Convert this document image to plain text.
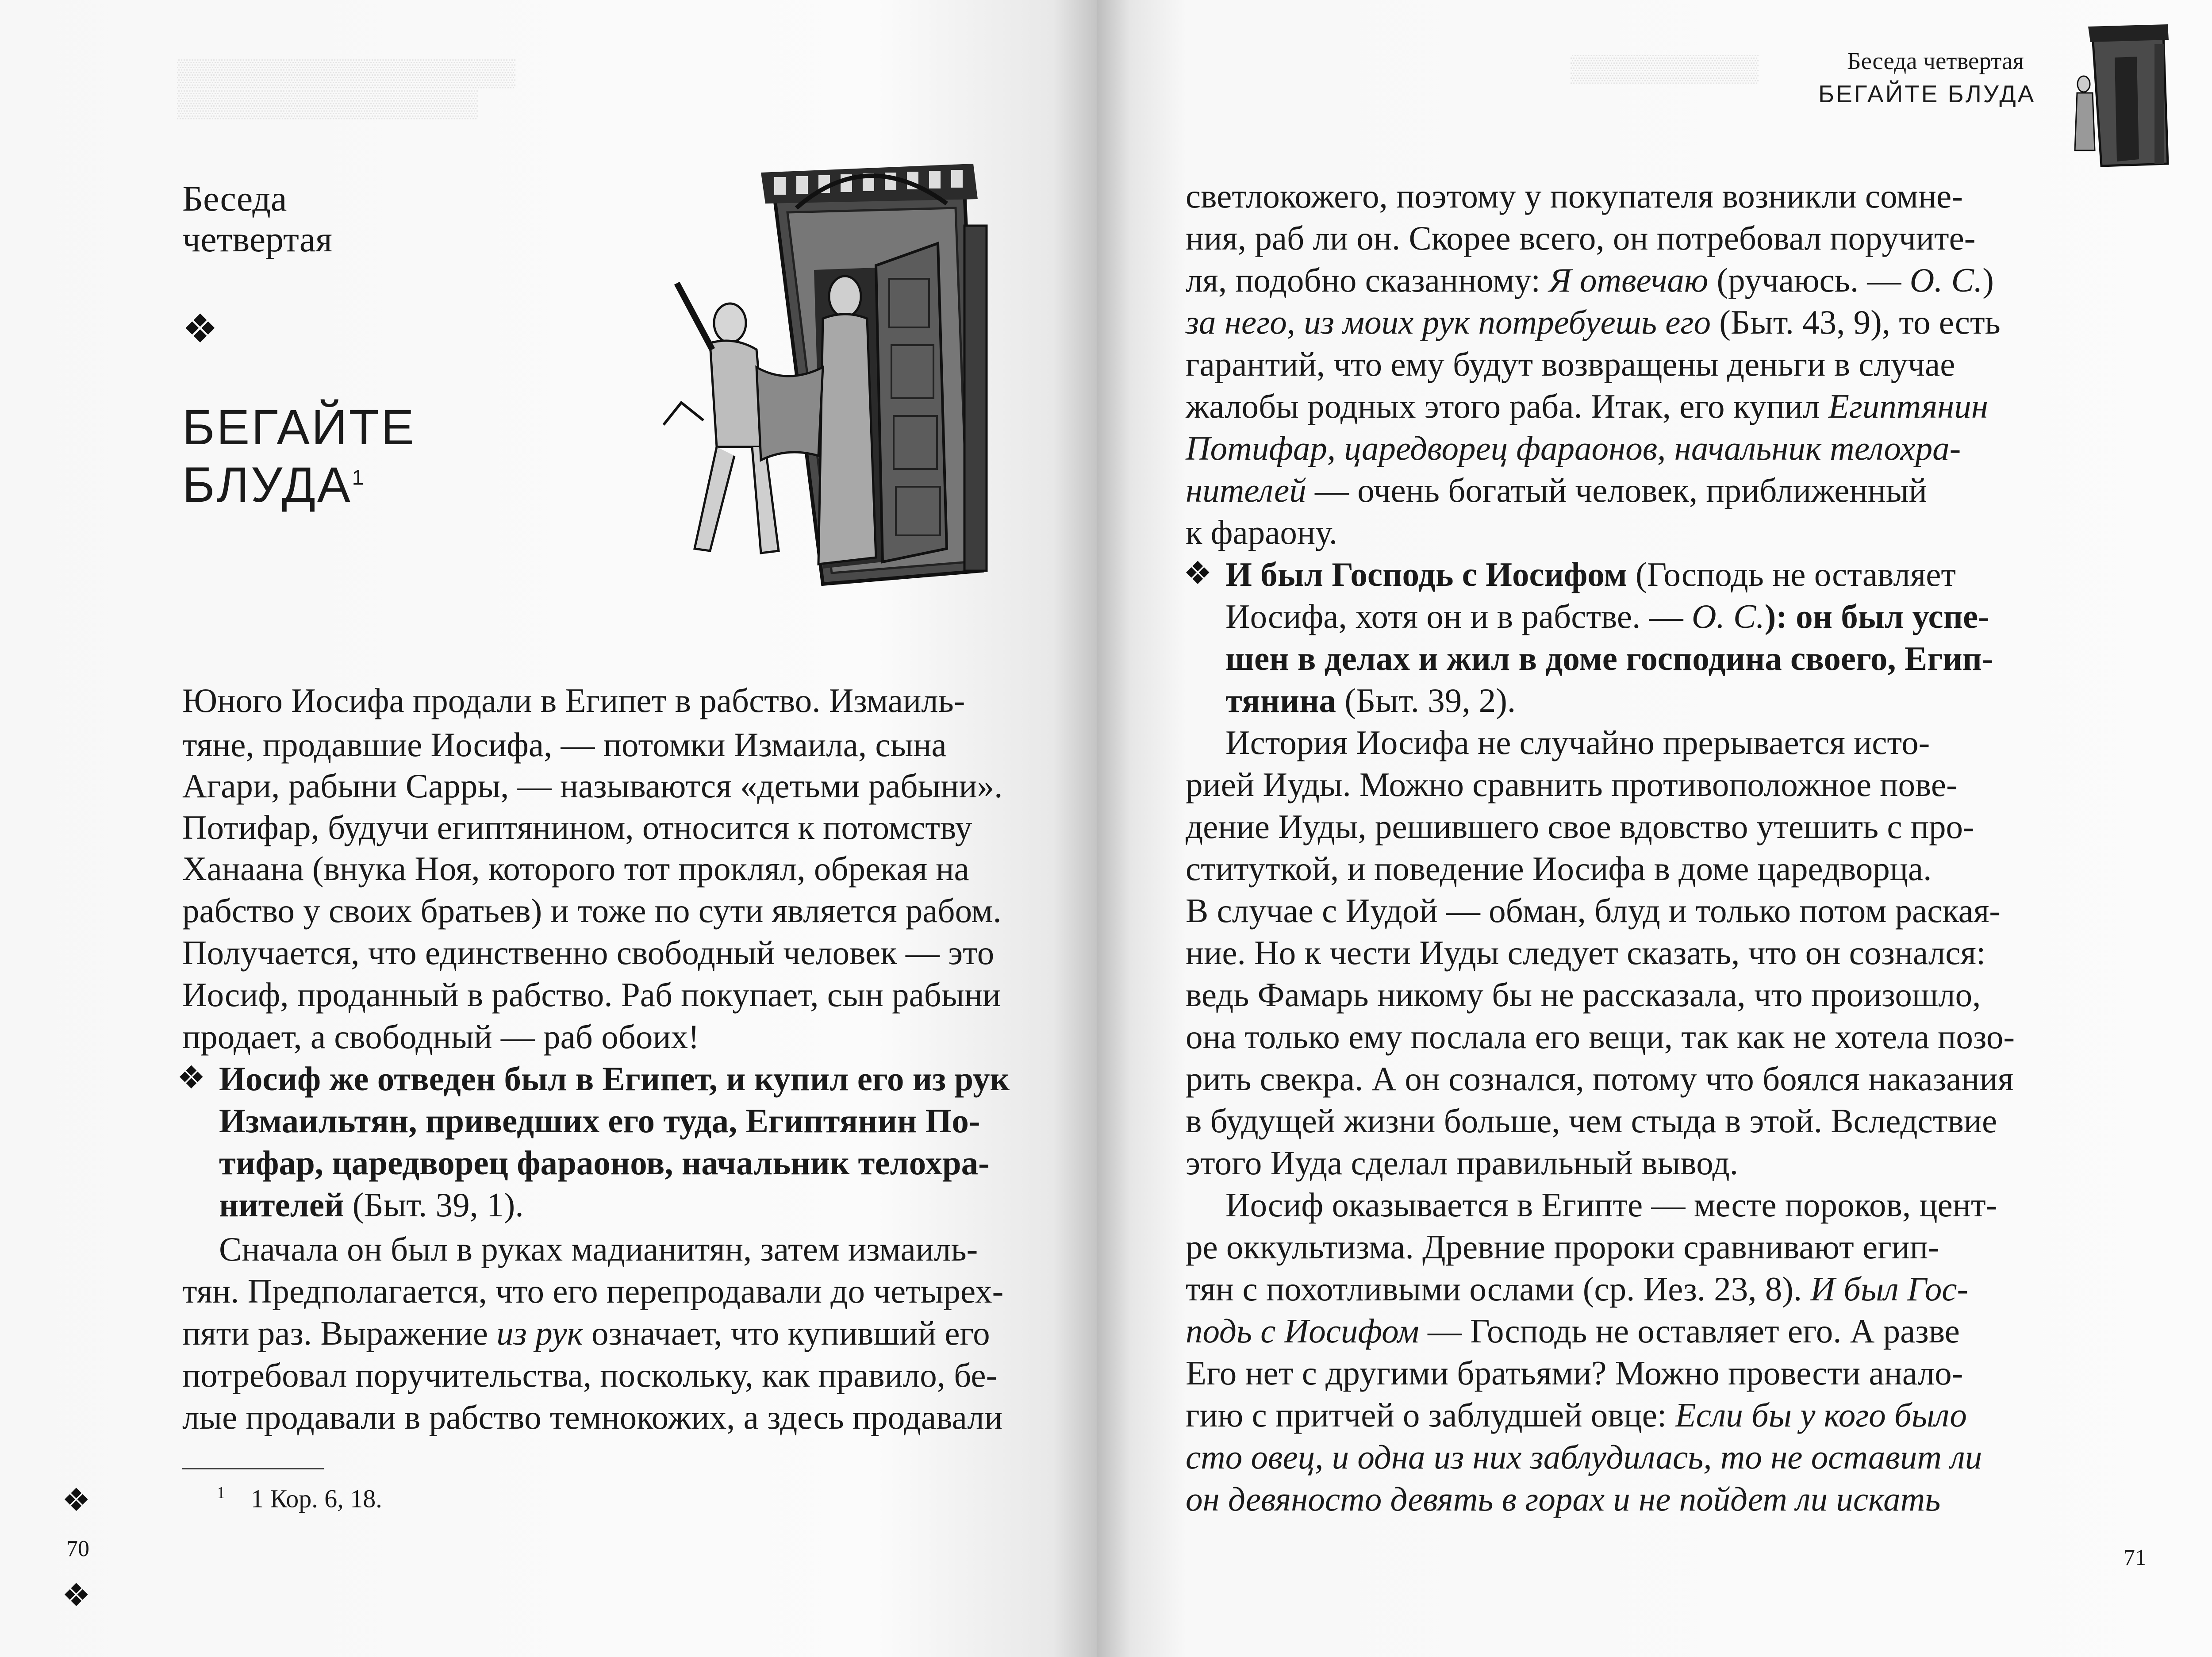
▒▒▒▒▒▒▒▒▒▒▒▒▒▒▒▒▒▒
▒▒▒▒▒▒▒▒▒▒▒▒▒▒▒▒
Беседа
четвертая
❖
БЕГАЙТЕ
БЛУДА$^1$
Юного Иосифа продали в Египет в рабство. Измаиль-
тяне, продавшие Иосифа, — потомки Измаила, сына
Агари, рабыни Сарры, — называются «детьми рабыни».
Потифар, будучи египтянином, относится к потомству
Ханаана (внука Ноя, которого тот проклял, обрекая на
рабство у своих братьев) и тоже по сути является рабом.
Получается, что единственно свободный человек — это
Иосиф, проданный в рабство. Раб покупает, сын рабыни
продает, а свободный — раб обоих!
❖ Иосиф же отведен был в Египет, и купил его из рук
Измаильтян, приведших его туда, Египтянин По-
тифар, царедворец фараонов, начальник телохра-
нителей (Быт. 39, 1).
Сначала он был в руках мадианитян, затем измаиль-
тян. Предполагается, что его перепродавали до четырех-
пяти раз. Выражение из рук означает, что купивший его
потребовал поручительства, поскольку, как правило, бе-
лые продавали в рабство темнокожих, а здесь продавали
$^1$  1 Кор. 6, 18.
❖
70
❖
▒▒▒▒▒▒▒▒▒▒	Беседа четвертая
БЕГАЙТЕ БЛУДА
светлокожего, поэтому у покупателя возникли сомне-
ния, раб ли он. Скорее всего, он потребовал поручите-
ля, подобно сказанному: Я отвечаю (ручаюсь. — О. С.)
за него, из моих рук потребуешь его (Быт. 43, 9), то есть
гарантий, что ему будут возвращены деньги в случае
жалобы родных этого раба. Итак, его купил Египтянин
Потифар, царедворец фараонов, начальник телохра-
нителей — очень богатый человек, приближенный
к фараону.
❖ И был Господь с Иосифом (Господь не оставляет
Иосифа, хотя он и в рабстве. — О. С.): он был успе-
шен в делах и жил в доме господина своего, Егип-
тянина (Быт. 39, 2).
История Иосифа не случайно прерывается исто-
рией Иуды. Можно сравнить противоположное пове-
дение Иуды, решившего свое вдовство утешить с про-
ституткой, и поведение Иосифа в доме царедворца.
В случае с Иудой — обман, блуд и только потом раская-
ние. Но к чести Иуды следует сказать, что он сознался:
ведь Фамарь никому бы не рассказала, что произошло,
она только ему послала его вещи, так как не хотела позо-
рить свекра. А он сознался, потому что боялся наказания
в будущей жизни больше, чем стыда в этой. Вследствие
этого Иуда сделал правильный вывод.
Иосиф оказывается в Египте — месте пороков, цент-
ре оккультизма. Древние пророки сравнивают егип-
тян с похотливыми ослами (ср. Иез. 23, 8). И был Гос-
подь с Иосифом — Господь не оставляет его. А разве
Его нет с другими братьями? Можно провести анало-
гию с притчей о заблудшей овце: Если бы у кого было
сто овец, и одна из них заблудилась, то не оставит ли
он девяносто девять в горах и не пойдет ли искать
71
